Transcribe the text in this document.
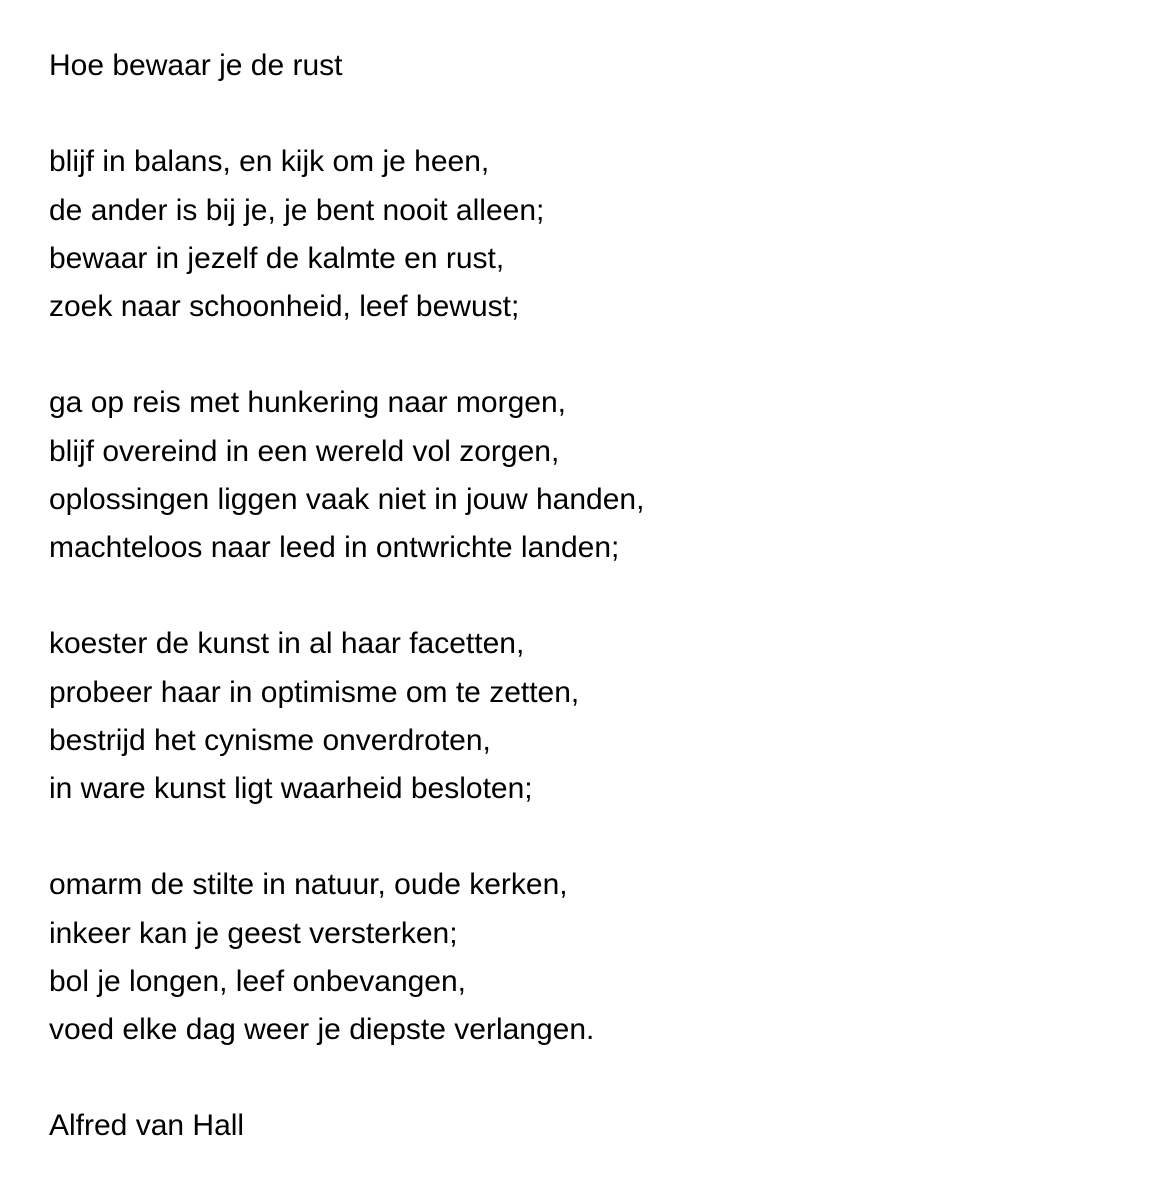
Hoe bewaar je de rust
blijf in balans, en kijk om je heen,
de ander is bij je, je bent nooit alleen;
bewaar in jezelf de kalmte en rust,
zoek naar schoonheid, leef bewust;
ga op reis met hunkering naar morgen,
blijf overeind in een wereld vol zorgen,
oplossingen liggen vaak niet in jouw handen,
machteloos naar leed in ontwrichte landen;
koester de kunst in al haar facetten,
probeer haar in optimisme om te zetten,
bestrijd het cynisme onverdroten,
in ware kunst ligt waarheid besloten;
omarm de stilte in natuur, oude kerken,
inkeer kan je geest versterken;
bol je longen, leef onbevangen,
voed elke dag weer je diepste verlangen.

Alfred van Hall
